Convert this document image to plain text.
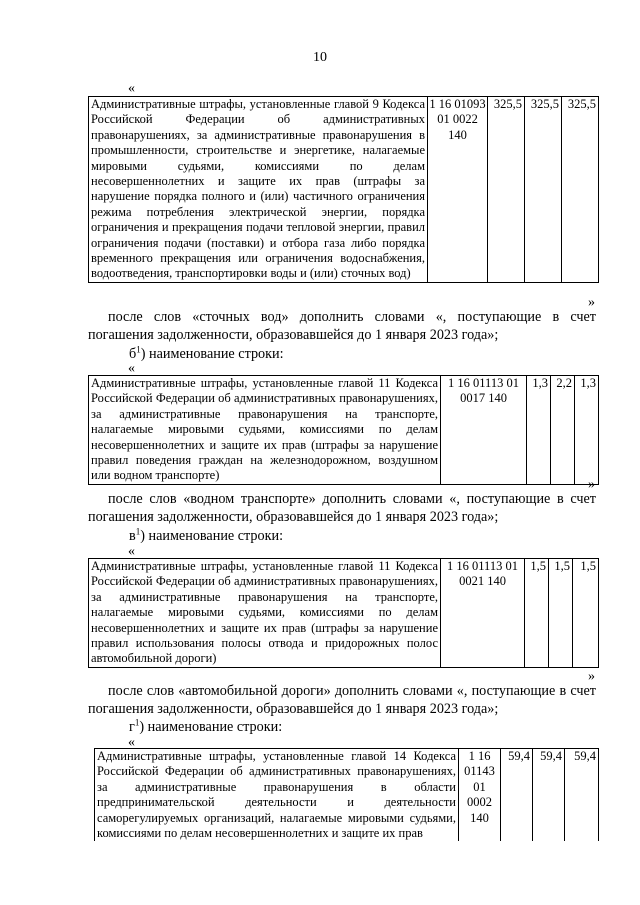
10
«
Административные штрафы, установленные главой 9 Кодекса Российской Федерации об административных правонарушениях, за административные правонарушения в промышленности, строительстве и энергетике, налагаемые мировыми судьями, комиссиями по делам несовершеннолетних и защите их прав (штрафы за нарушение порядка полного и (или) частичного ограничения режима потребления электрической энергии, порядка ограничения и прекращения подачи тепловой энергии, правил ограничения подачи (поставки) и отбора газа либо порядка временного прекращения или ограничения водоснабжения, водоотведения, транспортировки воды и (или) сточных вод)	1 16 01093 01 0022 140	325,5	325,5	325,5
»
после слов «сточных вод» дополнить словами «, поступающие в счет погашения задолженности, образовавшейся до 1 января 2023 года»;
$б^1$) наименование строки:
«
Административные штрафы, установленные главой 11 Кодекса Российской Федерации об административных правонарушениях, за административные правонарушения на транспорте, налагаемые мировыми судьями, комиссиями по делам несовершеннолетних и защите их прав (штрафы за нарушение правил поведения граждан на железнодорожном, воздушном или водном транспорте)	1 16 01113 01 0017 140	1,3	2,2	1,3
»
после слов «водном транспорте» дополнить словами «, поступающие в счет погашения задолженности, образовавшейся до 1 января 2023 года»;
$в^1$) наименование строки:
«
Административные штрафы, установленные главой 11 Кодекса Российской Федерации об административных правонарушениях, за административные правонарушения на транспорте, налагаемые мировыми судьями, комиссиями по делам несовершеннолетних и защите их прав (штрафы за нарушение правил использования полосы отвода и придорожных полос автомобильной дороги)	1 16 01113 01 0021 140	1,5	1,5	1,5
»
после слов «автомобильной дороги» дополнить словами «, поступающие в счет погашения задолженности, образовавшейся до 1 января 2023 года»;
$г^1$) наименование строки:
«
Административные штрафы, установленные главой 14 Кодекса Российской Федерации об административных правонарушениях, за административные правонарушения в области предпринимательской деятельности и деятельности саморегулируемых организаций, налагаемые мировыми судьями, комиссиями по делам несовершеннолетних и защите их прав	1 16 01143 01 0002 140	59,4	59,4	59,4
